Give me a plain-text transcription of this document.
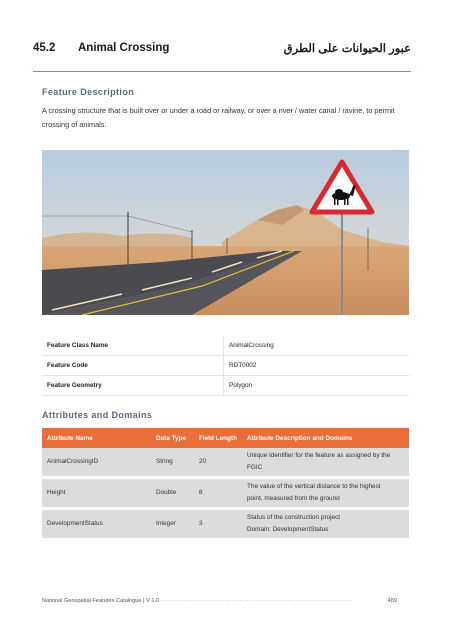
45.2 Animal Crossing	عبور الحيوانات على الطرق
Feature Description
A crossing structure that is built over or under a road or railway, or over a river / water canal / ravine, to permit crossing of animals.
Feature Class Name	AnimalCrossing
Feature Code	RDT0002
Feature Geometry	Polygon
Attributes and Domains
Attribute Name	Data Type	Field Length	Attribute Description and Domains
AnimalCrossingID	String	20	Unique Identifier for the feature as assigned by the
FGIC
Height	Double	8	The value of the vertical distance to the highest
point, measured from the ground
DevelopmentStatus	Integer	3	Status of the construction project
Domain: DevelopmentStatus
National Geospatial Features Catalogue | V 1.0
...............................................................................	489
